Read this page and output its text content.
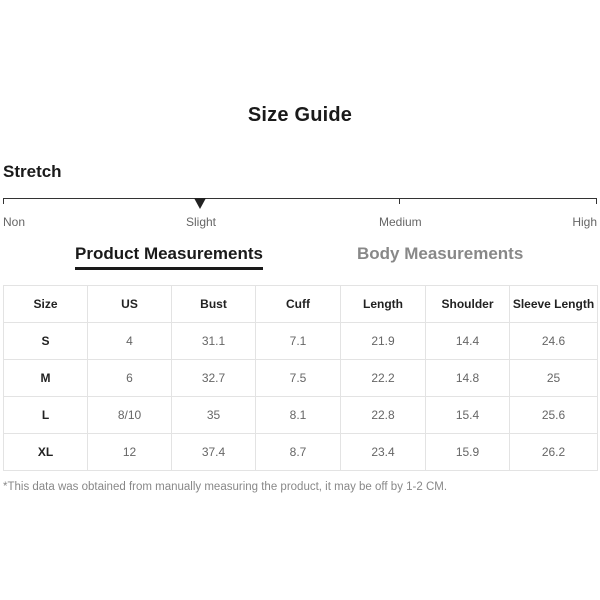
Size Guide
Stretch
Non	Slight	Medium	High
Product Measurements	Body Measurements
Size	US	Bust	Cuff	Length	Shoulder	Sleeve Length
S	4	31.1	7.1	21.9	14.4	24.6
M	6	32.7	7.5	22.2	14.8	25
L	8/10	35	8.1	22.8	15.4	25.6
XL	12	37.4	8.7	23.4	15.9	26.2
*This data was obtained from manually measuring the product, it may be off by 1-2 CM.
